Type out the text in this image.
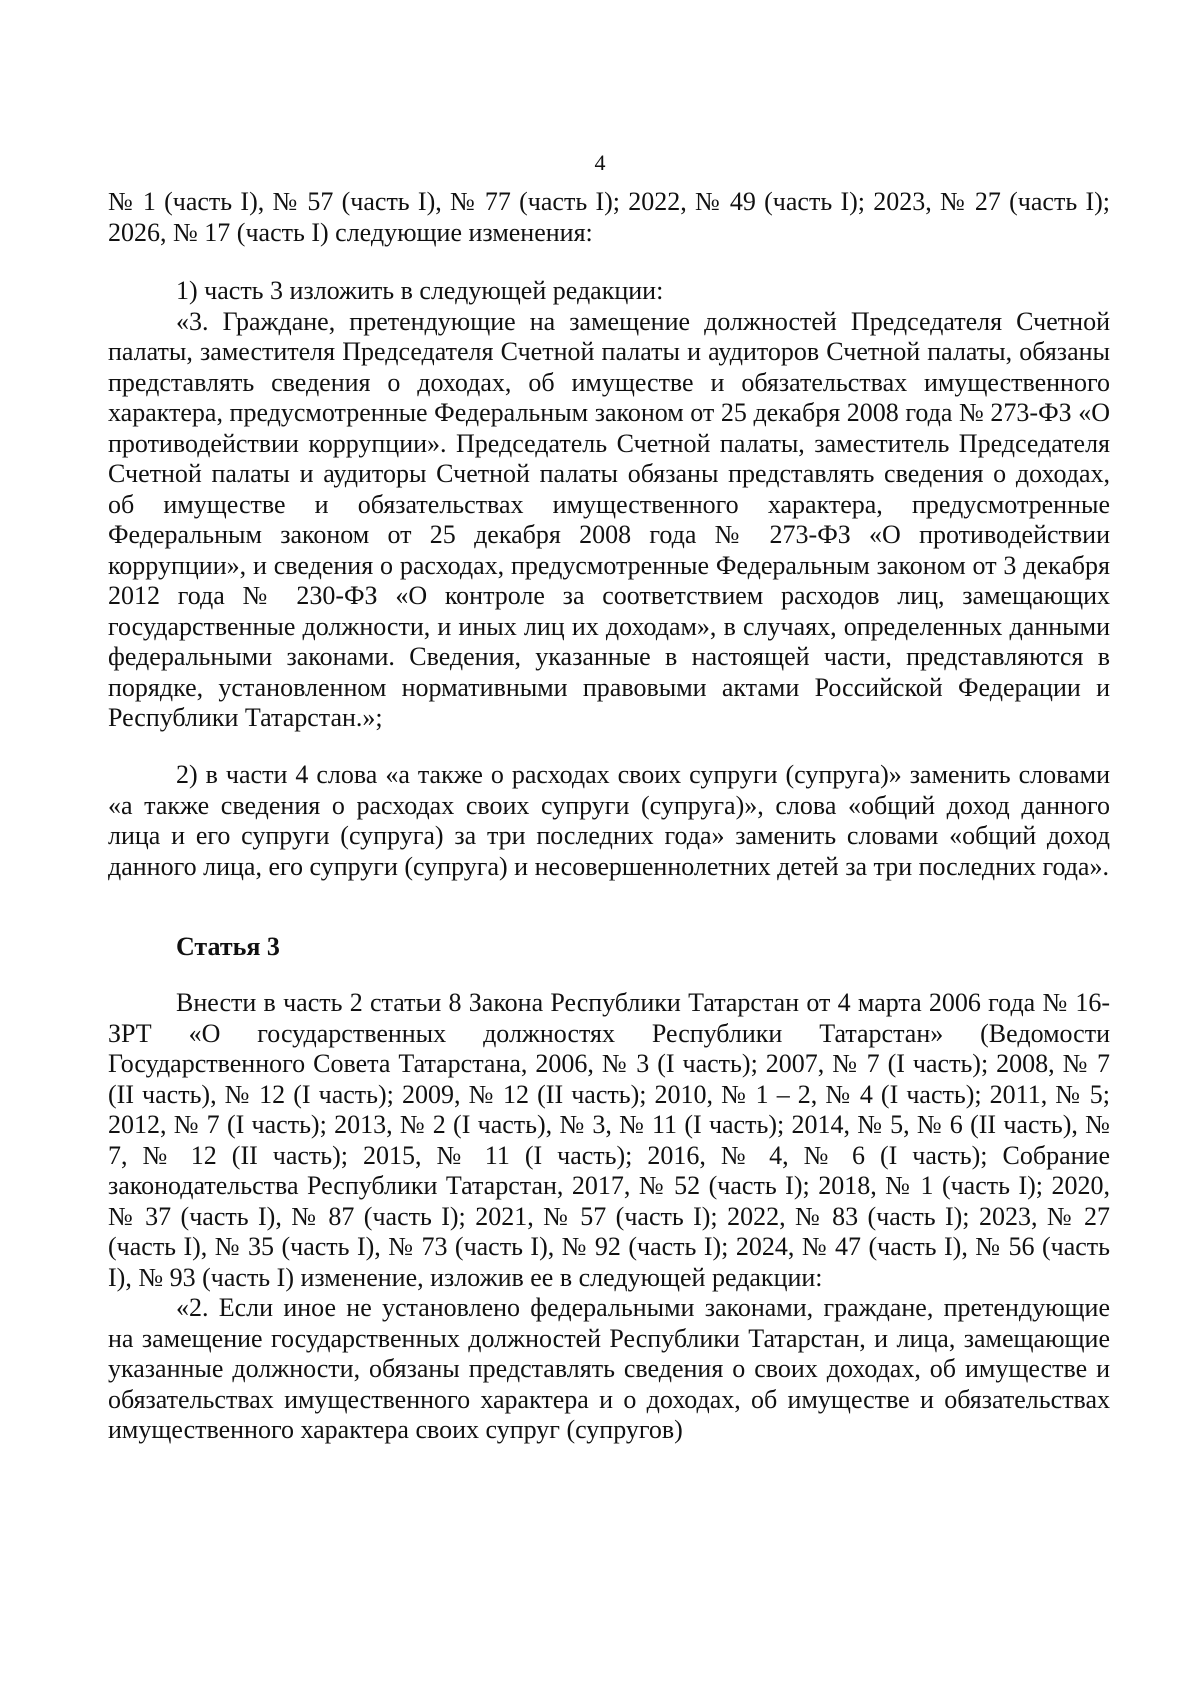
4

№ 1 (часть I), № 57 (часть I), № 77 (часть I); 2022, № 49 (часть I); 2023, № 27 (часть I); 2026, № 17 (часть I) следующие изменения:

1) часть 3 изложить в следующей редакции:

«3. Граждане, претендующие на замещение должностей Председателя Счетной палаты, заместителя Председателя Счетной палаты и аудиторов Счетной палаты, обязаны представлять сведения о доходах, об имуществе и обязательствах имущественного характера, предусмотренные Федеральным законом от 25 декабря 2008 года № 273-ФЗ «О противодействии коррупции». Председатель Счетной палаты, заместитель Председателя Счетной палаты и аудиторы Счетной палаты обязаны представлять сведения о доходах, об имуществе и обязательствах имущественного характера, предусмотренные Федеральным законом от 25 декабря 2008 года № 273-ФЗ «О противодействии коррупции», и сведения о расходах, предусмотренные Федеральным законом от 3 декабря 2012 года № 230-ФЗ «О контроле за соответствием расходов лиц, замещающих государственные должности, и иных лиц их доходам», в случаях, определенных данными федеральными законами. Сведения, указанные в настоящей части, представляются в порядке, установленном нормативными правовыми актами Российской Федерации и Республики Татарстан.»;

2) в части 4 слова «а также о расходах своих супруги (супруга)» заменить словами «а также сведения о расходах своих супруги (супруга)», слова «общий доход данного лица и его супруги (супруга) за три последних года» заменить словами «общий доход данного лица, его супруги (супруга) и несовершеннолетних детей за три последних года».

Статья 3

Внести в часть 2 статьи 8 Закона Республики Татарстан от 4 марта 2006 года № 16-ЗРТ «О государственных должностях Республики Татарстан» (Ведомости Государственного Совета Татарстана, 2006, № 3 (I часть); 2007, № 7 (I часть); 2008, № 7 (II часть), № 12 (I часть); 2009, № 12 (II часть); 2010, № 1 – 2, № 4 (I часть); 2011, № 5; 2012, № 7 (I часть); 2013, № 2 (I часть), № 3, № 11 (I часть); 2014, № 5, № 6 (II часть), № 7, № 12 (II часть); 2015, № 11 (I часть); 2016, № 4, № 6 (I часть); Собрание законодательства Республики Татарстан, 2017, № 52 (часть I); 2018, № 1 (часть I); 2020, № 37 (часть I), № 87 (часть I); 2021, № 57 (часть I); 2022, № 83 (часть I); 2023, № 27 (часть I), № 35 (часть I), № 73 (часть I), № 92 (часть I); 2024, № 47 (часть I), № 56 (часть I), № 93 (часть I) изменение, изложив ее в следующей редакции:

«2. Если иное не установлено федеральными законами, граждане, претендующие на замещение государственных должностей Республики Татарстан, и лица, замещающие указанные должности, обязаны представлять сведения о своих доходах, об имуществе и обязательствах имущественного характера и о доходах, об имуществе и обязательствах имущественного характера своих супруг (супругов)
